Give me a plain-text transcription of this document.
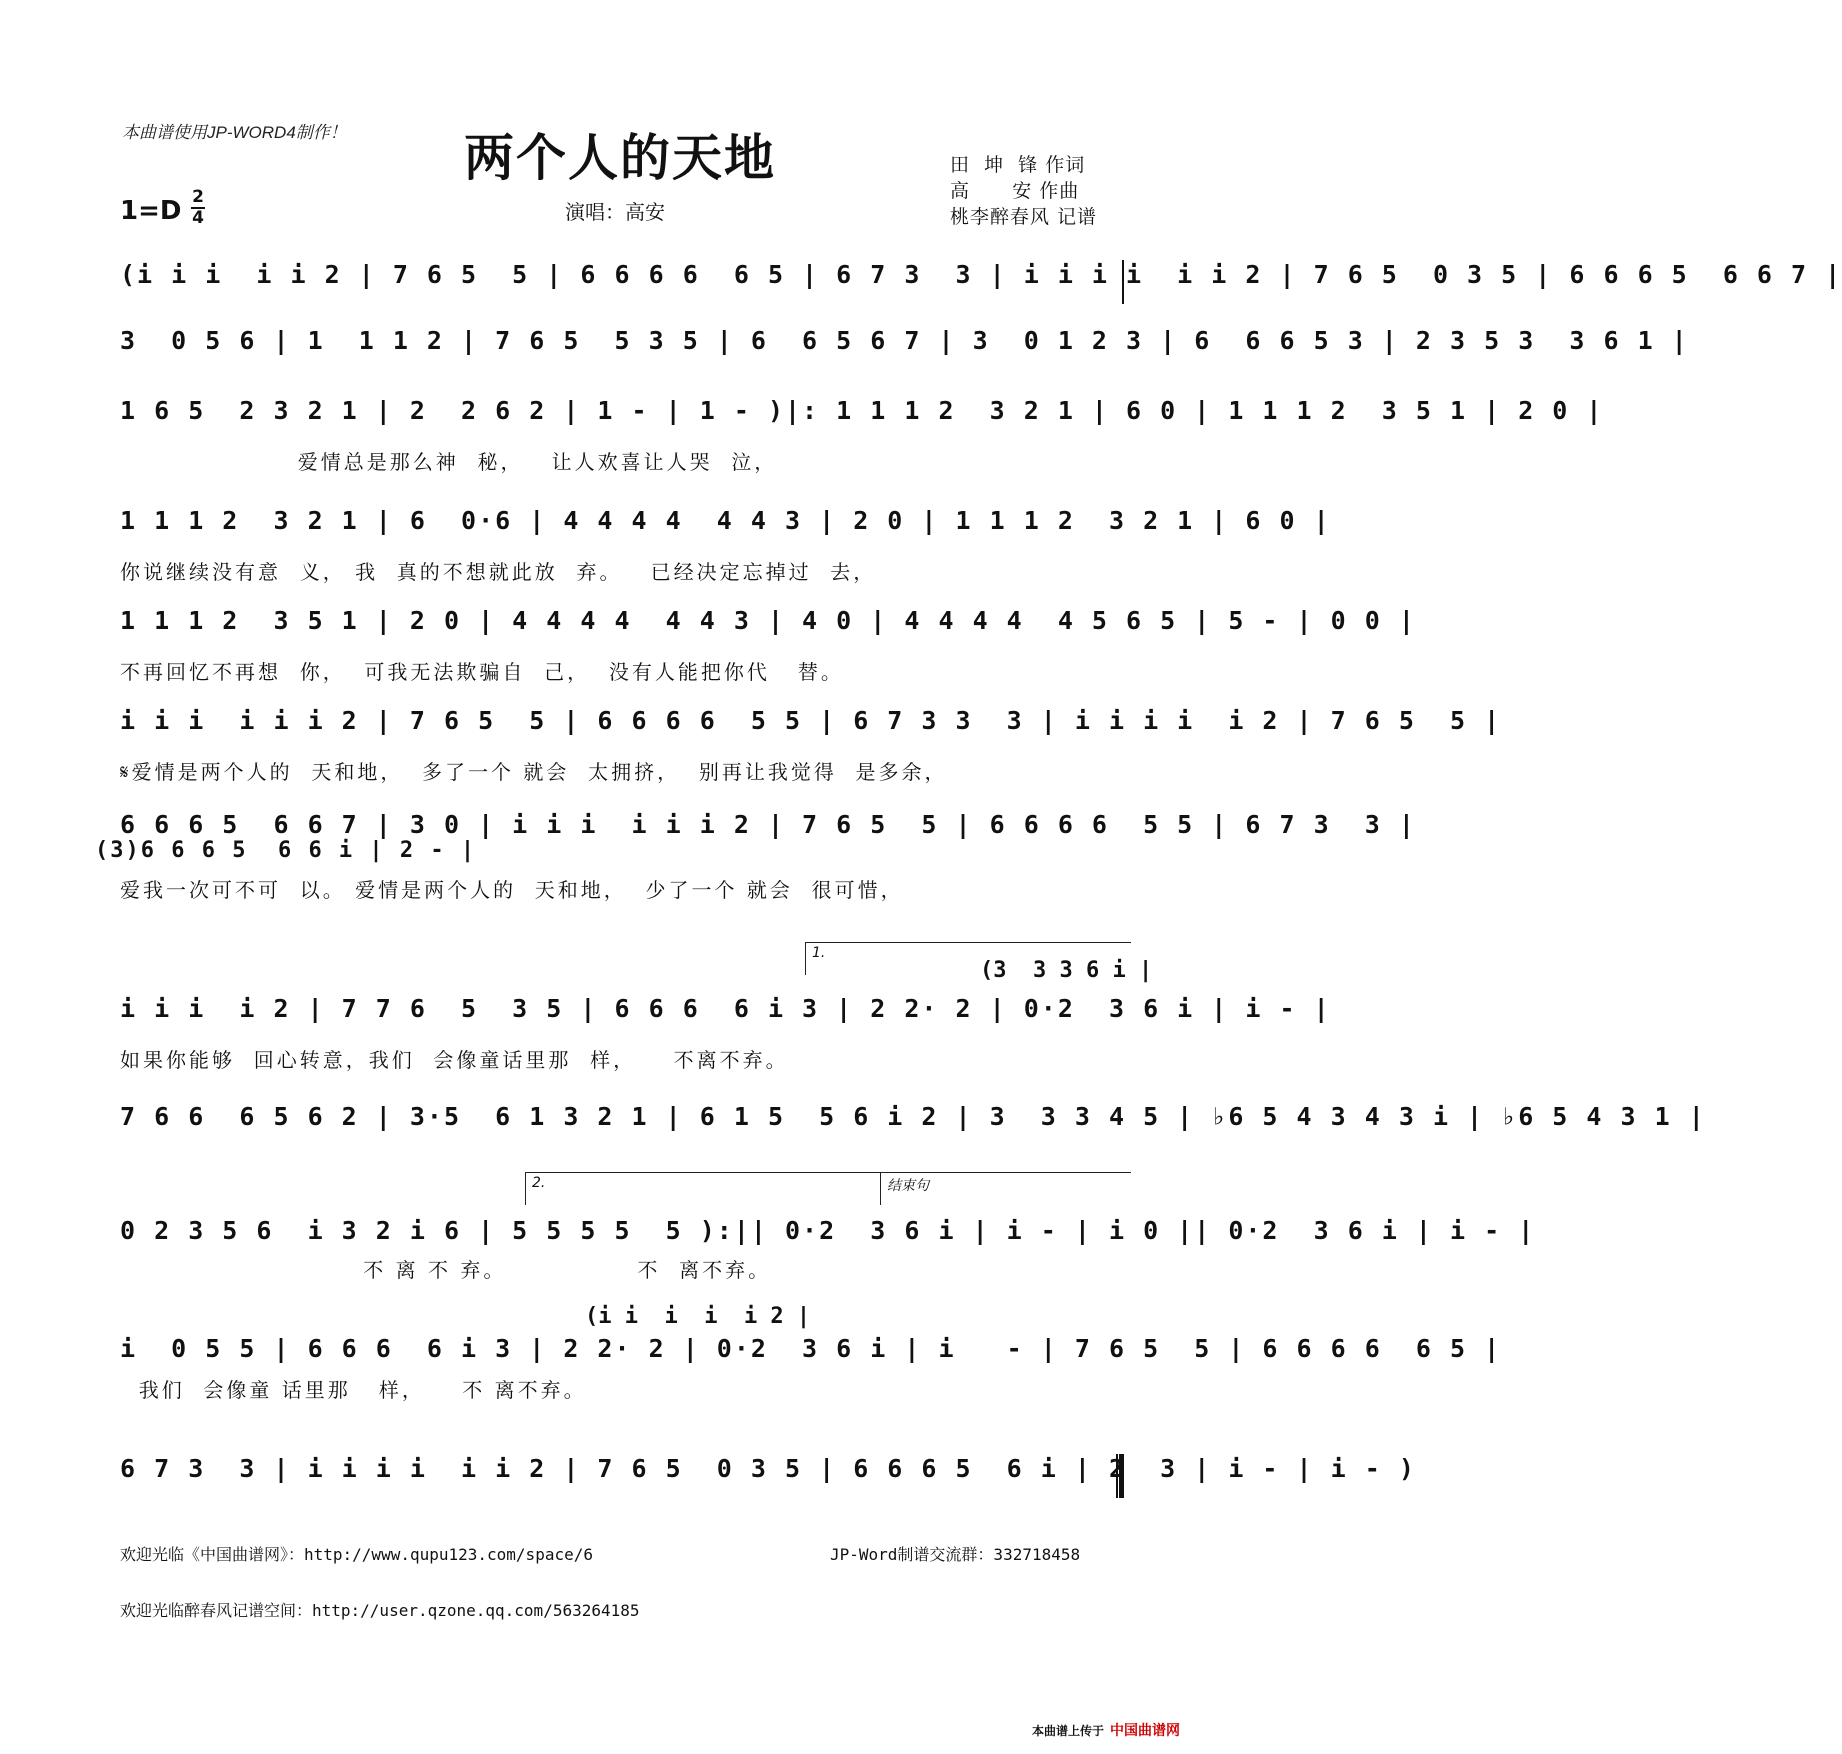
本曲谱使用JP-WORD4制作！	两个人的天地	田  坤  锋 作词
高      安 作曲
桃李醉春风 记谱
1=D 2
4	演唱：高安
(i i i  i i 2 | 7 6 5  5 | 6 6 6 6  6 5 | 6 7 3  3 | i i i i  i i 2 | 7 6 5  0 3 5 | 6 6 6 5  6 6 7 |
3  0 5 6 | 1  1 1 2 | 7 6 5  5 3 5 | 6  6 5 6 7 | 3  0 1 2 3 | 6  6 6 5 3 | 2 3 5 3  3 6 1 |
1 6 5  2 3 2 1 | 2  2 6 2 | 1 - | 1 - )|: 1 1 1 2  3 2 1 | 6 0 | 1 1 1 2  3 5 1 | 2 0 |
爱情总是那么神  秘，   让人欢喜让人哭  泣，
1 1 1 2  3 2 1 | 6  0·6 | 4 4 4 4  4 4 3 | 2 0 | 1 1 1 2  3 2 1 | 6 0 |
你说继续没有意  义， 我  真的不想就此放  弃。   已经决定忘掉过  去，
1 1 1 2  3 5 1 | 2 0 | 4 4 4 4  4 4 3 | 4 0 | 4 4 4 4  4 5 6 5 | 5 - | 0 0 |
不再回忆不再想  你，  可我无法欺骗自  己，  没有人能把你代   替。
i i i  i i i 2 | 7 6 5  5 | 6 6 6 6  5 5 | 6 7 3 3  3 | i i i i  i 2 | 7 6 5  5 |
𝄋爱情是两个人的  天和地，  多了一个 就会  太拥挤，  别再让我觉得  是多余，
6 6 6 5  6 6 7 | 3 0 | i i i  i i i 2 | 7 6 5  5 | 6 6 6 6  5 5 | 6 7 3  3 |
(3)6 6 6 5  6 6 i | 2 - |
爱我一次可不可  以。 爱情是两个人的  天和地，  少了一个 就会  很可惜，
1.
(3  3 3 6 i |
i i i  i 2 | 7 7 6  5  3 5 | 6 6 6  6 i 3 | 2 2· 2 | 0·2  3 6 i | i - |
如果你能够  回心转意，我们  会像童话里那  样，    不离不弃。
7 6 6  6 5 6 2 | 3·5  6 1 3 2 1 | 6 1 5  5 6 i 2 | 3  3 3 4 5 | ♭6 5 4 3 4 3 i | ♭6 5 4 3 1 |
2.	结束句
0 2 3 5 6  i 3 2 i 6 | 5 5 5 5  5 ):|| 0·2  3 6 i | i - | i 0 || 0·2  3 6 i | i - |
不 离 不 弃。              不  离不弃。
(i i  i  i  i 2 |
i  0 5 5 | 6 6 6  6 i 3 | 2 2· 2 | 0·2  3 6 i | i   - | 7 6 5  5 | 6 6 6 6  6 5 |
我们  会像童 话里那   样，    不 离不弃。
6 7 3  3 | i i i i  i i 2 | 7 6 5  0 3 5 | 6 6 6 5  6 i | 2  3 | i - | i - )
欢迎光临《中国曲谱网》：http://www.qupu123.com/space/6	JP-Word制谱交流群：332718458
欢迎光临醉春风记谱空间：http://user.qzone.qq.com/563264185
本曲谱上传于 中国曲谱网
